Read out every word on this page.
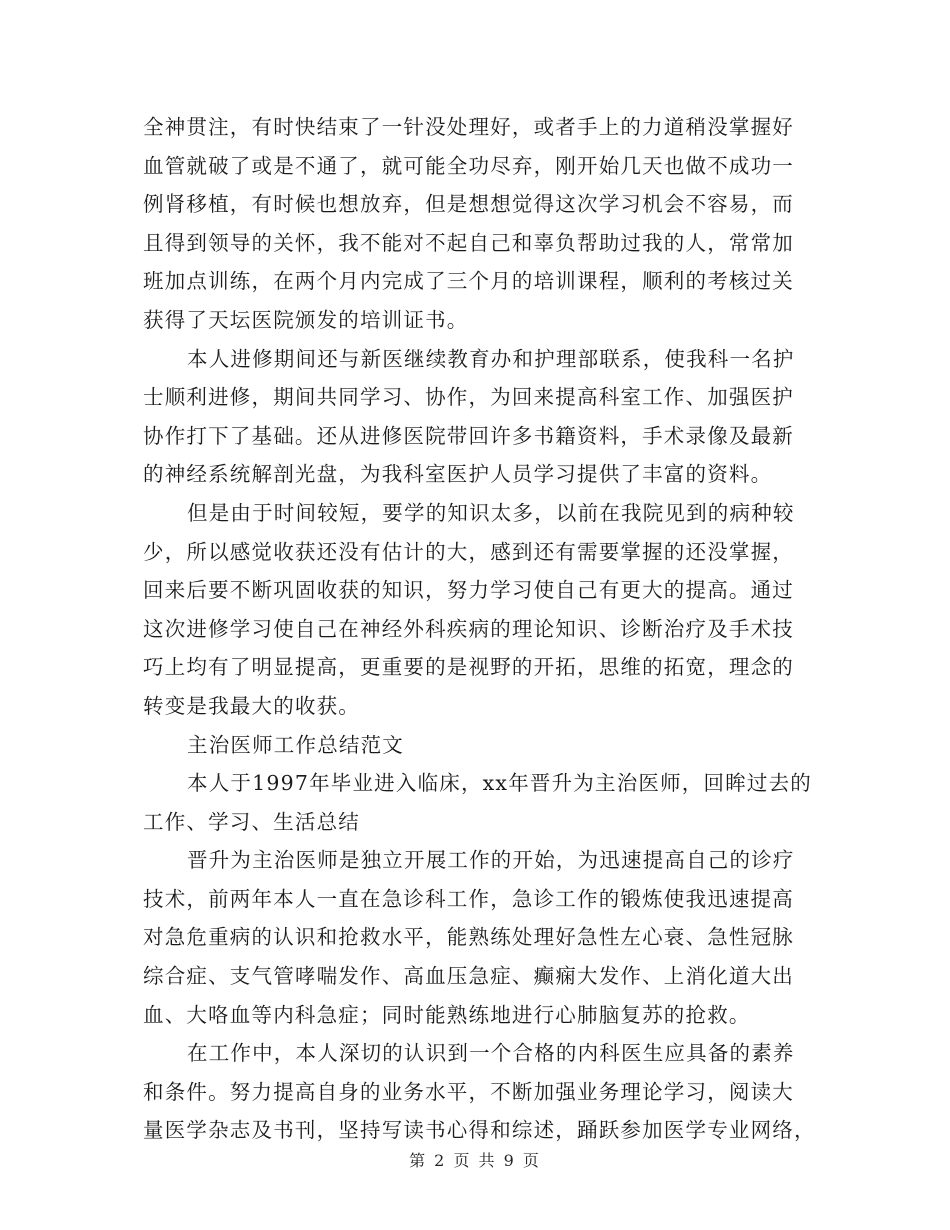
全神贯注，有时快结束了一针没处理好，或者手上的力道稍没掌握好
血管就破了或是不通了，就可能全功尽弃，刚开始几天也做不成功一
例肾移植，有时候也想放弃，但是想想觉得这次学习机会不容易，而
且得到领导的关怀，我不能对不起自己和辜负帮助过我的人，常常加
班加点训练，在两个月内完成了三个月的培训课程，顺利的考核过关
获得了天坛医院颁发的培训证书。
本人进修期间还与新医继续教育办和护理部联系，使我科一名护
士顺利进修，期间共同学习、协作，为回来提高科室工作、加强医护
协作打下了基础。还从进修医院带回许多书籍资料，手术录像及最新
的神经系统解剖光盘，为我科室医护人员学习提供了丰富的资料。
但是由于时间较短，要学的知识太多，以前在我院见到的病种较
少，所以感觉收获还没有估计的大，感到还有需要掌握的还没掌握，
回来后要不断巩固收获的知识，努力学习使自己有更大的提高。通过
这次进修学习使自己在神经外科疾病的理论知识、诊断治疗及手术技
巧上均有了明显提高，更重要的是视野的开拓，思维的拓宽，理念的
转变是我最大的收获。
主治医师工作总结范文
本人于1997年毕业进入临床，xx年晋升为主治医师，回眸过去的
工作、学习、生活总结
晋升为主治医师是独立开展工作的开始，为迅速提高自己的诊疗
技术，前两年本人一直在急诊科工作，急诊工作的锻炼使我迅速提高
对急危重病的认识和抢救水平，能熟练处理好急性左心衰、急性冠脉
综合症、支气管哮喘发作、高血压急症、癫痫大发作、上消化道大出
血、大咯血等内科急症；同时能熟练地进行心肺脑复苏的抢救。
在工作中，本人深切的认识到一个合格的内科医生应具备的素养
和条件。努力提高自身的业务水平，不断加强业务理论学习，阅读大
量医学杂志及书刊，坚持写读书心得和综述，踊跃参加医学专业网络，
第 2 页 共 9 页
